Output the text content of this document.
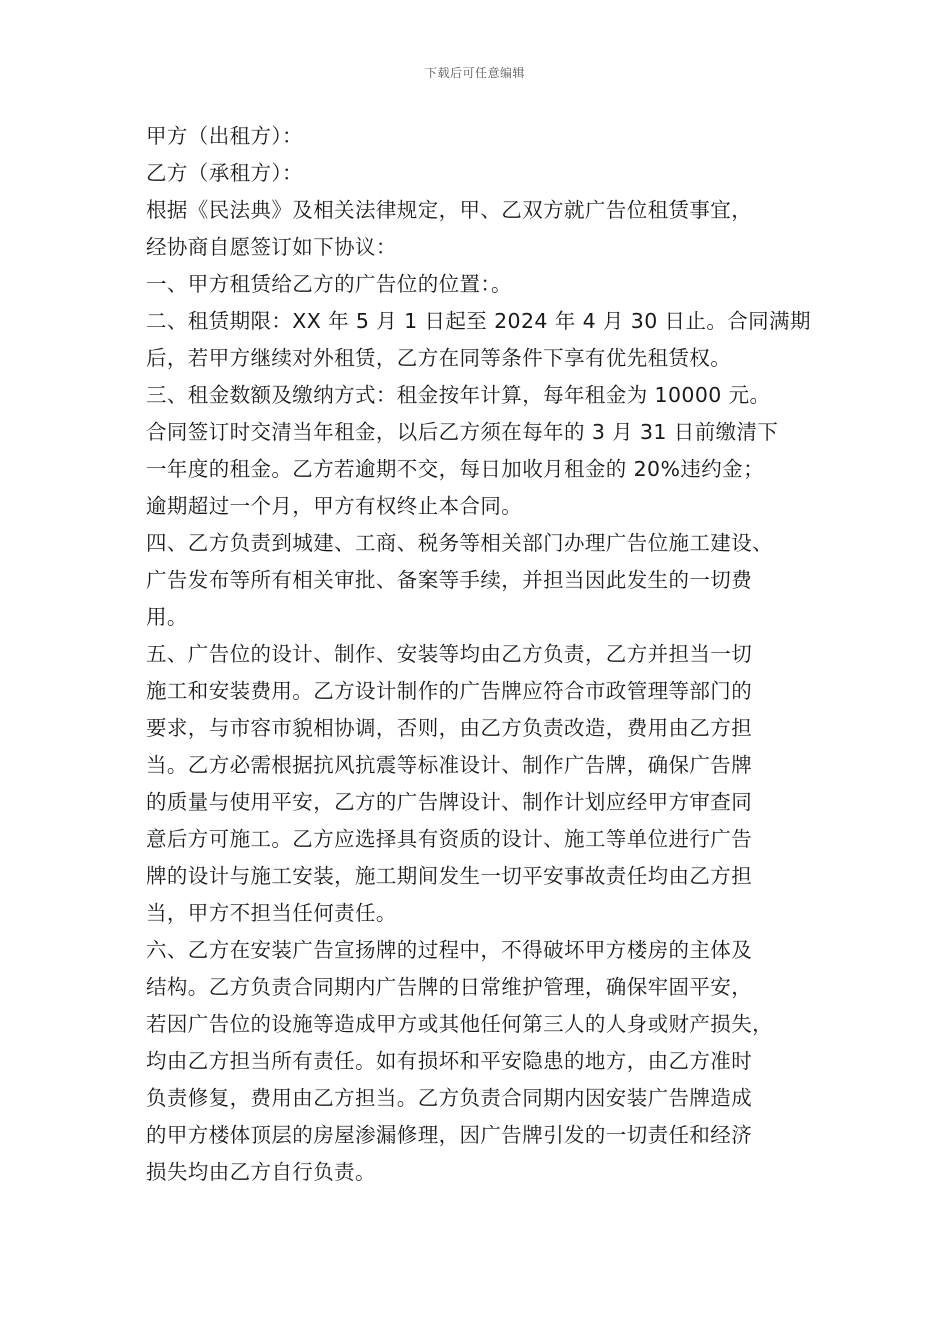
下载后可任意编辑
甲方（出租方）：
乙方（承租方）：
根据《民法典》及相关法律规定，甲、乙双方就广告位租赁事宜，
经协商自愿签订如下协议：
一、甲方租赁给乙方的广告位的位置：。
二、租赁期限：XX 年 5 月 1 日起至 2024 年 4 月 30 日止。合同满期
后，若甲方继续对外租赁，乙方在同等条件下享有优先租赁权。
三、租金数额及缴纳方式：租金按年计算，每年租金为 10000 元。
合同签订时交清当年租金，以后乙方须在每年的 3 月 31 日前缴清下
一年度的租金。乙方若逾期不交，每日加收月租金的 20%违约金；
逾期超过一个月，甲方有权终止本合同。
四、乙方负责到城建、工商、税务等相关部门办理广告位施工建设、
广告发布等所有相关审批、备案等手续，并担当因此发生的一切费
用。
五、广告位的设计、制作、安装等均由乙方负责，乙方并担当一切
施工和安装费用。乙方设计制作的广告牌应符合市政管理等部门的
要求，与市容市貌相协调，否则，由乙方负责改造，费用由乙方担
当。乙方必需根据抗风抗震等标准设计、制作广告牌，确保广告牌
的质量与使用平安，乙方的广告牌设计、制作计划应经甲方审查同
意后方可施工。乙方应选择具有资质的设计、施工等单位进行广告
牌的设计与施工安装，施工期间发生一切平安事故责任均由乙方担
当，甲方不担当任何责任。
六、乙方在安装广告宣扬牌的过程中，不得破坏甲方楼房的主体及
结构。乙方负责合同期内广告牌的日常维护管理，确保牢固平安，
若因广告位的设施等造成甲方或其他任何第三人的人身或财产损失，
均由乙方担当所有责任。如有损坏和平安隐患的地方，由乙方准时
负责修复，费用由乙方担当。乙方负责合同期内因安装广告牌造成
的甲方楼体顶层的房屋渗漏修理，因广告牌引发的一切责任和经济
损失均由乙方自行负责。
